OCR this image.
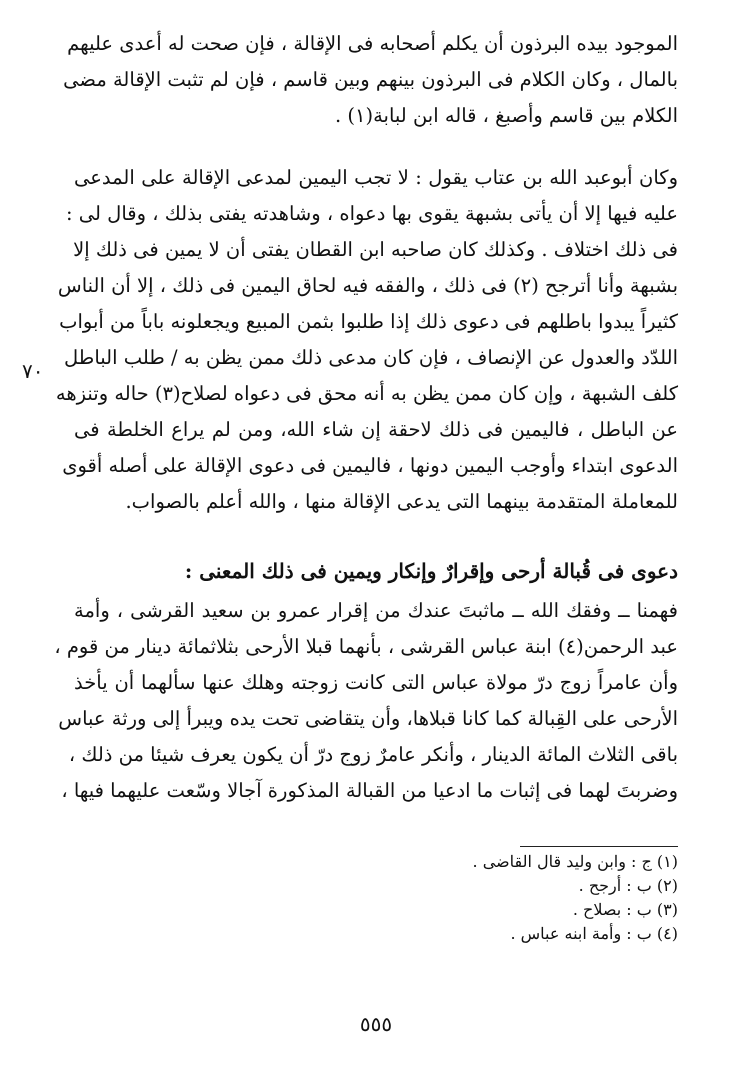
الموجود بيده البرذون أن يكلم أصحابه فى الإقالة ، فإن صحت له أعدى عليهم
بالمال ، وكان الكلام فى البرذون بينهم وبين قاسم ، فإن لم تثبت الإقالة مضى
الكلام بين قاسم وأصبغ ، قاله ابن لبابة(١) .
وكان أبوعبد الله بن عتاب يقول : لا تجب اليمين لمدعى الإقالة على المدعى
عليه فيها إلا أن يأتى بشبهة يقوى بها دعواه ، وشاهدته يفتى بذلك ، وقال لى :
فى ذلك اختلاف . وكذلك كان صاحبه ابن القطان يفتى أن لا يمين فى ذلك إلا
بشبهة وأنا أترجح (٢) فى ذلك ، والفقه فيه لحاق اليمين فى ذلك ، إلا أن الناس
كثيراً يبدوا باطلهم فى دعوى ذلك إذا طلبوا بثمن المبيع ويجعلونه باباً من أبواب
اللدّد والعدول عن الإنصاف ، فإن كان مدعى ذلك ممن يظن به / طلب الباطل
كلف الشبهة ، وإن كان ممن يظن به أنه محق فى دعواه لصلاح(٣) حاله وتنزهه
عن الباطل ، فاليمين فى ذلك لاحقة إن شاء الله، ومن لم يراع الخلطة فى
الدعوى ابتداء وأوجب اليمين دونها ، فاليمين فى دعوى الإقالة على أصله أقوى
للمعاملة المتقدمة بينهما التى يدعى الإقالة منها ، والله أعلم بالصواب.
٧٠
دعوى فى قُبالة أرحى وإقرارٌ وإنكار ويمين فى ذلك المعنى :
فهمنا ــ وفقك الله ــ ماثبتَ عندك من إقرار عمرو بن سعيد القرشى ، وأمة
عبد الرحمن(٤) ابنة عباس القرشى ، بأنهما قبلا الأرحى بثلاثمائة دينار من قوم ،
وأن عامراً زوج درّ مولاة عباس التى كانت زوجته وهلك عنها سألهما أن يأخذ
الأرحى على القِبالة كما كانا قبلاها، وأن يتقاضى تحت يده ويبرأ إلى ورثة عباس
باقى الثلاث المائة الدينار ، وأنكر عامرٌ زوج درّ أن يكون يعرف شيئا من ذلك ،
وضربتَ لهما فى إثبات ما ادعيا من القبالة المذكورة آجالا وسّعت عليهما فيها ،
(١) ج : وابن وليد قال القاضى .
(٢) ب : أرجح .
(٣) ب : بصلاح .
(٤) ب : وأمة ابنه عباس .
٥٥٥
